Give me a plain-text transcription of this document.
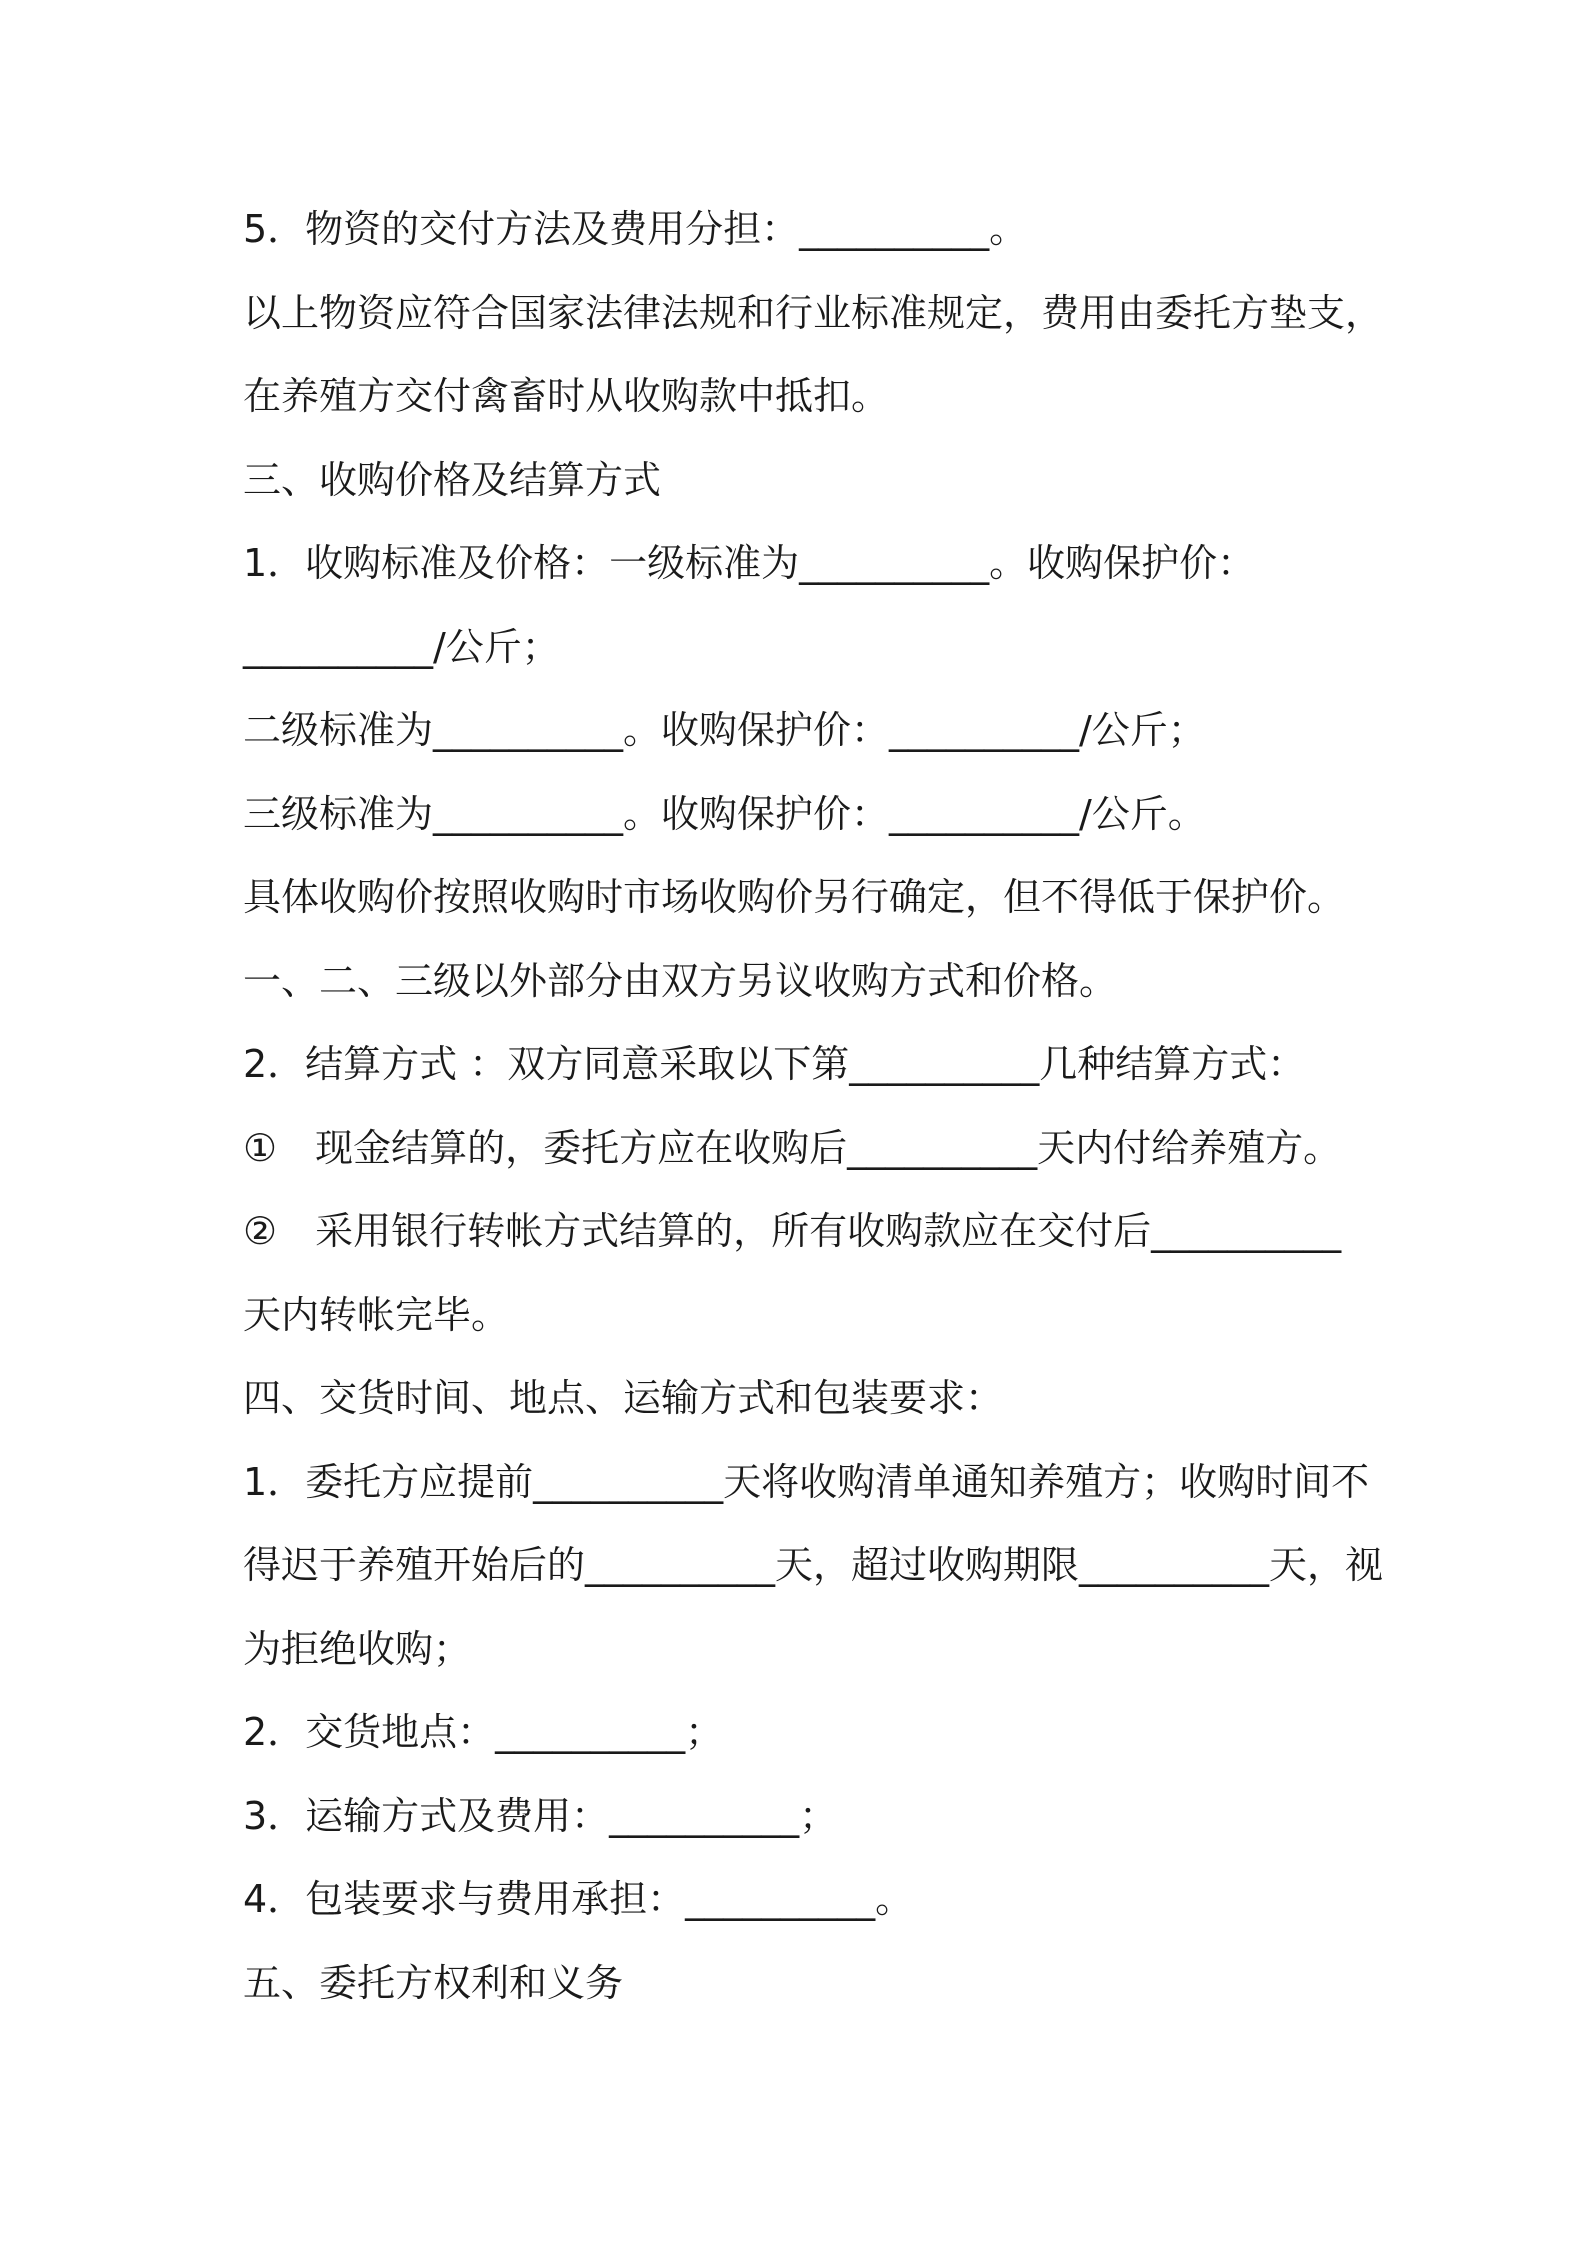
5．物资的交付方法及费用分担：__________。
以上物资应符合国家法律法规和行业标准规定，费用由委托方垫支，
在养殖方交付禽畜时从收购款中抵扣。
三、收购价格及结算方式
1．收购标准及价格：一级标准为__________。收购保护价：
__________/公斤；
二级标准为__________。收购保护价：__________/公斤；
三级标准为__________。收购保护价：__________/公斤。
具体收购价按照收购时市场收购价另行确定，但不得低于保护价。
一、二、三级以外部分由双方另议收购方式和价格。
2．结算方式 ：双方同意采取以下第__________几种结算方式：
①　现金结算的，委托方应在收购后__________天内付给养殖方。
②　采用银行转帐方式结算的，所有收购款应在交付后__________
天内转帐完毕。
四、交货时间、地点、运输方式和包装要求：
1．委托方应提前__________天将收购清单通知养殖方；收购时间不
得迟于养殖开始后的__________天，超过收购期限__________天，视
为拒绝收购；
2．交货地点：__________；
3．运输方式及费用：__________；
4．包装要求与费用承担：__________。
五、委托方权利和义务
